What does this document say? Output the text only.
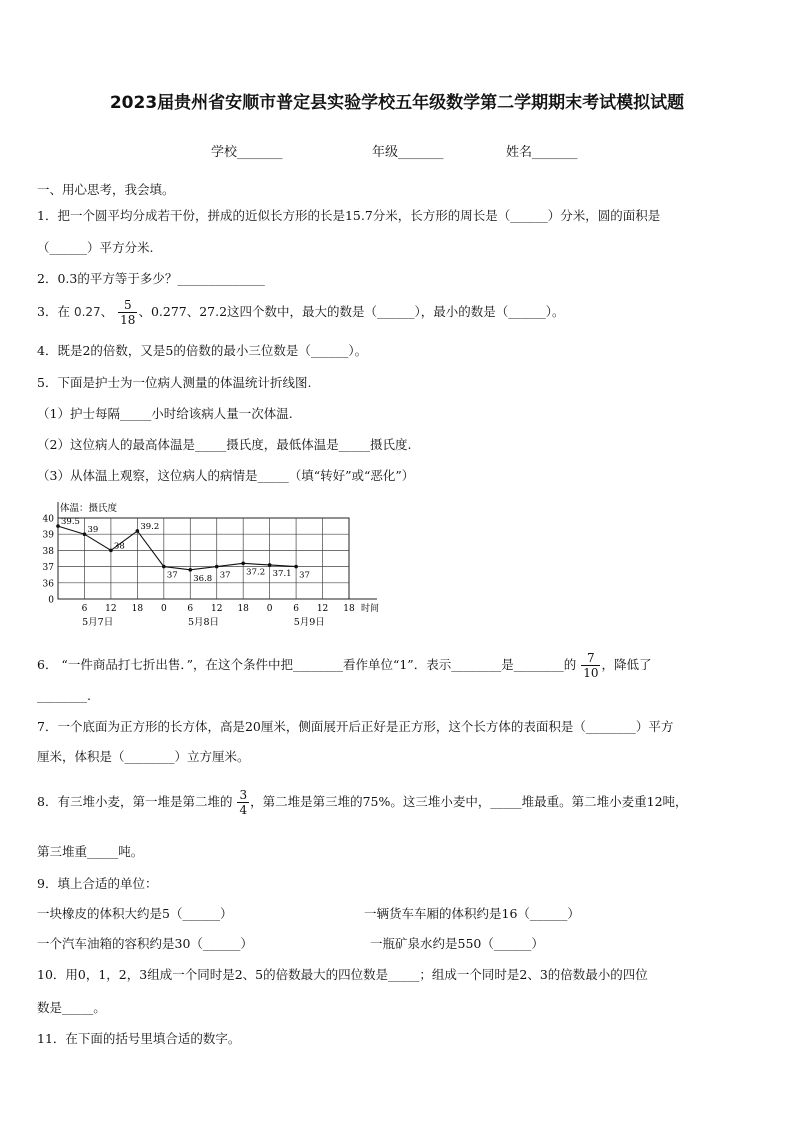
2023届贵州省安顺市普定县实验学校五年级数学第二学期期末考试模拟试题
学校_______	年级_______	姓名_______
一、用心思考，我会填。
1．把一个圆平均分成若干份，拼成的近似长方形的长是15.7分米，长方形的周长是（______）分米，圆的面积是
（______）平方分米.
2．0.3的平方等于多少？______________
3．在 0.27、 $\frac{5}{18}$ 、0.277、27.2这四个数中，最大的数是（______），最小的数是（______）。
4．既是2的倍数，又是5的倍数的最小三位数是（______）。
5．下面是护士为一位病人测量的体温统计折线图.
（1）护士每隔_____小时给该病人量一次体温.
（2）这位病人的最高体温是_____摄氏度，最低体温是_____摄氏度.
（3）从体温上观察，这位病人的病情是_____（填“转好”或“恶化”）
体温：摄氏度
时间
40
39
38
37
36
0
6 12 18 0 6 12 18 0 6 12 18
5月7日	5月8日	5月9日
39.5
39
38
39.2
37 36.8 37 37.2 37.1 37
6． “一件商品打七折出售．”，在这个条件中把________看作单位“1”．表示________是________的 $\frac{7}{10}$ ，降低了
________.
7．一个底面为正方形的长方体，高是20厘米，侧面展开后正好是正方形，这个长方体的表面积是（________）平方
厘米，体积是（________）立方厘米。
8．有三堆小麦，第一堆是第二堆的 $\frac{3}{4}$ ，第二堆是第三堆的75%。这三堆小麦中，_____堆最重。第二堆小麦重12吨，
第三堆重_____吨。
9．填上合适的单位：
一块橡皮的体积大约是5（______）	一辆货车车厢的体积约是16（______）
一个汽车油箱的容积约是30（______）	一瓶矿泉水约是550（______）
10．用0，1，2，3组成一个同时是2、5的倍数最大的四位数是_____；组成一个同时是2、3的倍数最小的四位
数是_____。
11．在下面的括号里填合适的数字。
